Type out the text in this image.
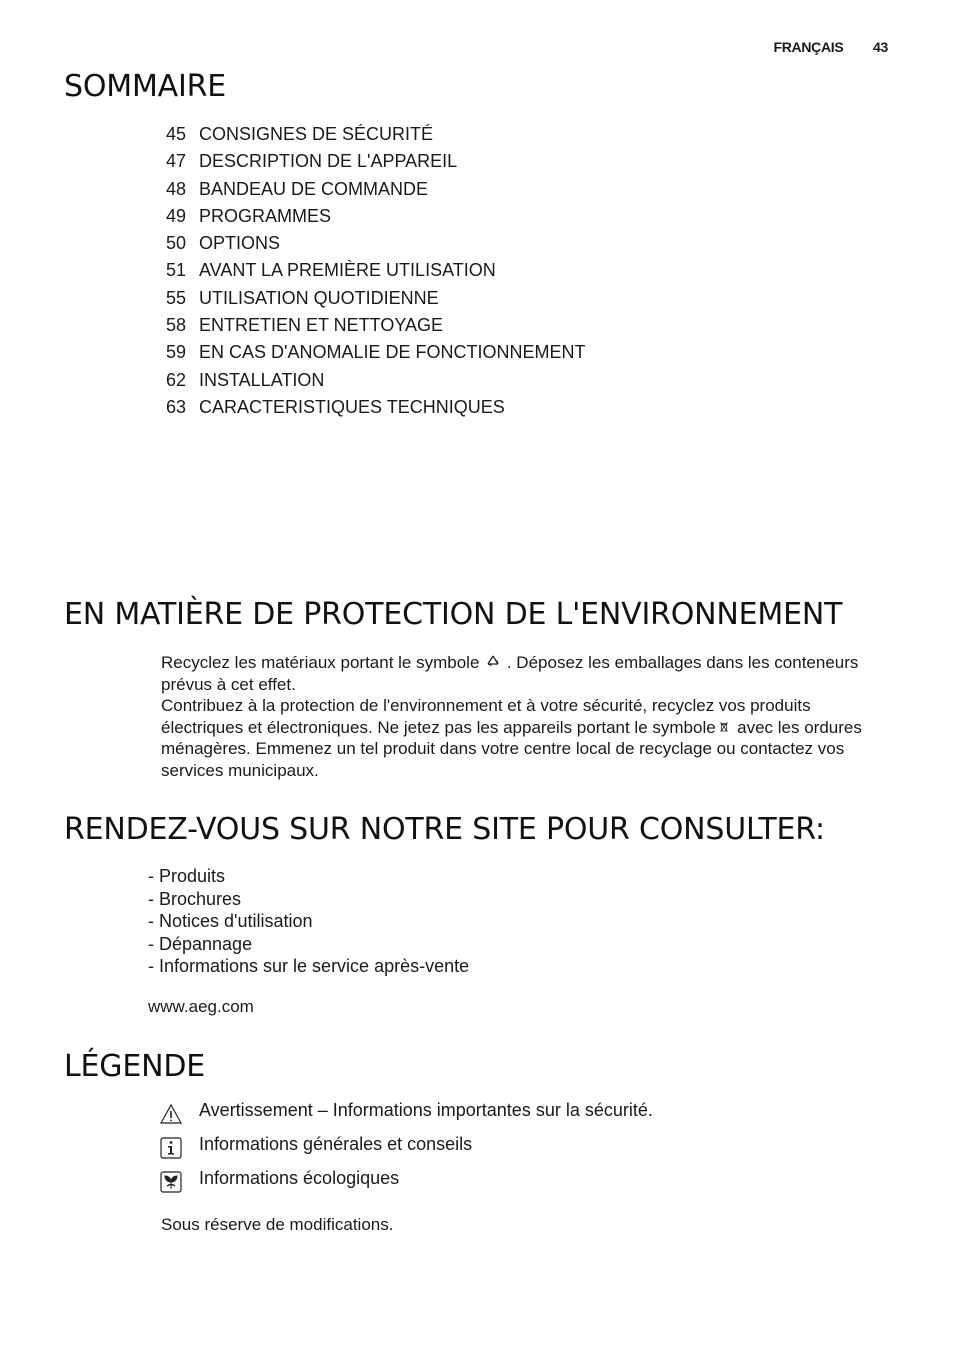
FRANÇAIS 43
SOMMAIRE
45 CONSIGNES DE SÉCURITÉ
47 DESCRIPTION DE L'APPAREIL
48 BANDEAU DE COMMANDE
49 PROGRAMMES
50 OPTIONS
51 AVANT LA PREMIÈRE UTILISATION
55 UTILISATION QUOTIDIENNE
58 ENTRETIEN ET NETTOYAGE
59 EN CAS D'ANOMALIE DE FONCTIONNEMENT
62 INSTALLATION
63 CARACTERISTIQUES TECHNIQUES
EN MATIÈRE DE PROTECTION DE L'ENVIRONNEMENT

Recyclez les matériaux portant le symbole  . Déposez les emballages dans les conteneurs prévus à cet effet.

Contribuez à la protection de l'environnement et à votre sécurité, recyclez vos produits électriques et électroniques. Ne jetez pas les appareils portant le symbole  avec les ordures ménagères. Emmenez un tel produit dans votre centre local de recyclage ou contactez vos services municipaux.

RENDEZ-VOUS SUR NOTRE SITE POUR CONSULTER:
- Produits
- Brochures
- Notices d'utilisation
- Dépannage
- Informations sur le service après-vente
www.aeg.com
LÉGENDE
Avertissement – Informations importantes sur la sécurité.
Informations générales et conseils
Informations écologiques
Sous réserve de modifications.
